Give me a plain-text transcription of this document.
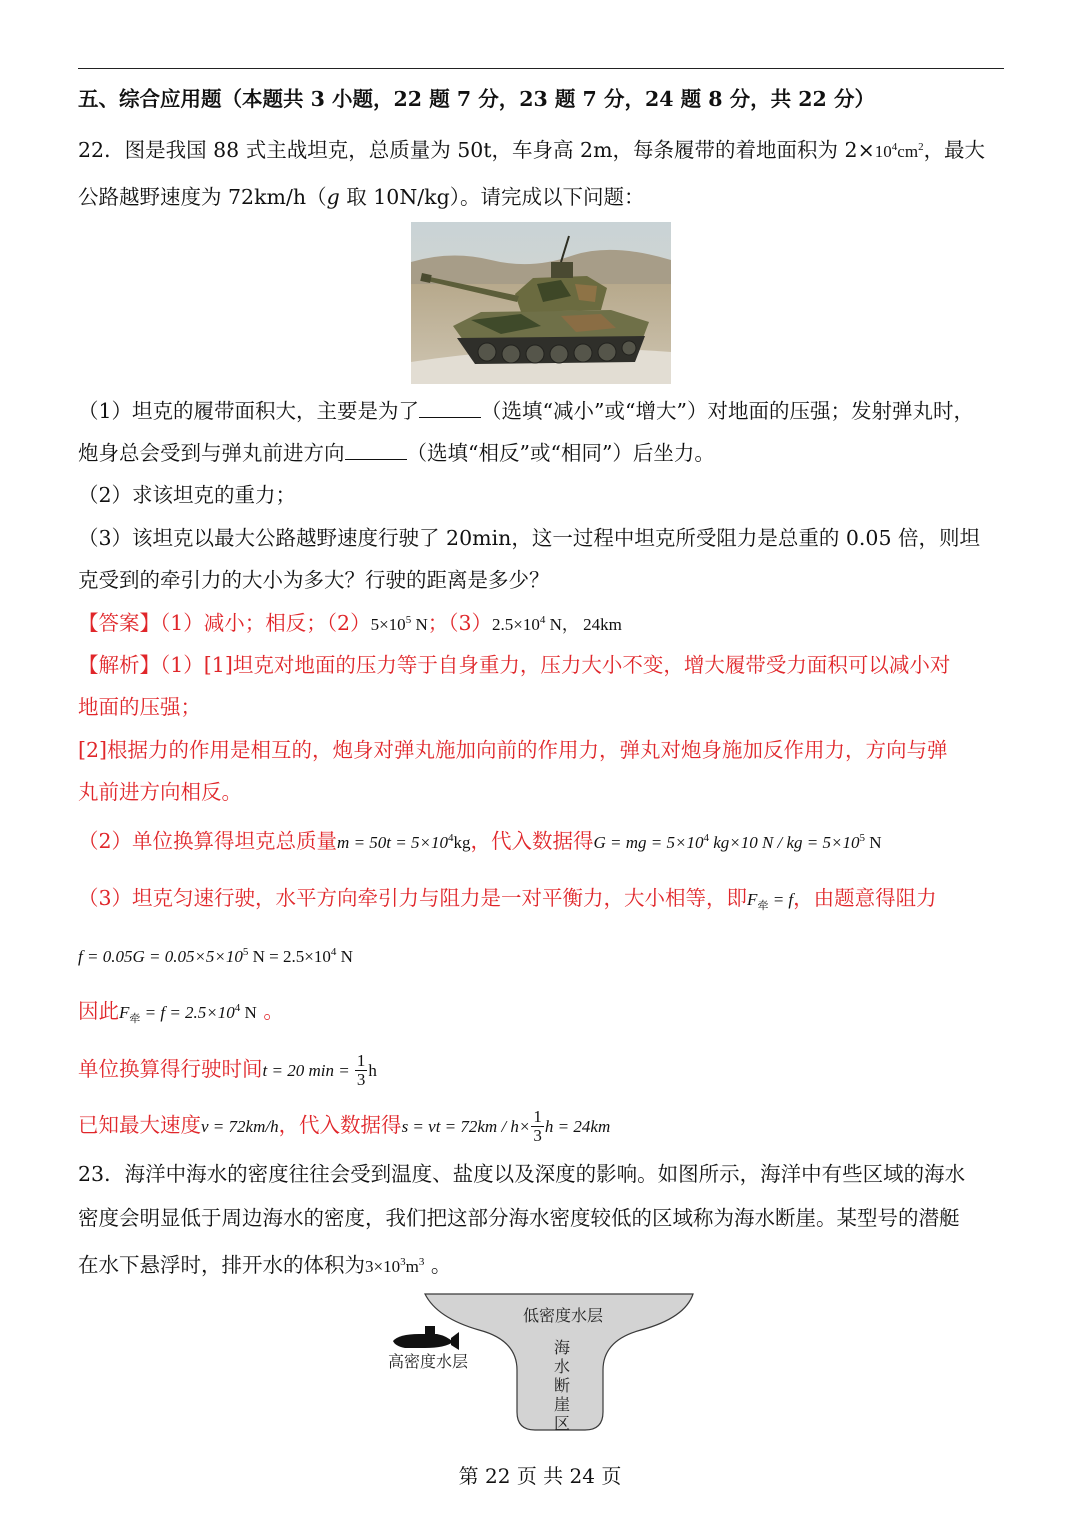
五、综合应用题（本题共 3 小题，22 题 7 分，23 题 7 分，24 题 8 分，共 22 分）
22．图是我国 88 式主战坦克，总质量为 50t，车身高 2m，每条履带的着地面积为 $2\times 10^4cm^2$，最大
公路越野速度为 72km/h（g 取 10N/kg）。请完成以下问题：
（1）坦克的履带面积大，主要是为了	（选填“减小”或“增大”）对地面的压强；发射弹丸时，
炮身总会受到与弹丸前进方向	（选填“相反”或“相同”）后坐力。
（2）求该坦克的重力；
（3）该坦克以最大公路越野速度行驶了 20min，这一过程中坦克所受阻力是总重的 0.05 倍，则坦
克受到的牵引力的大小为多大？行驶的距离是多少？
【答案】（1）减小；相反；$(2)5\times 10^5$ N；$(3)2.5\times 10^4$ N， 24km
【解析】（1）[1]坦克对地面的压力等于自身重力，压力大小不变，增大履带受力面积可以减小对
地面的压强；
[2]根据力的作用是相互的，炮身对弹丸施加向前的作用力，弹丸对炮身施加反作用力，方向与弹
丸前进方向相反。
（2）单位换算得坦克总质量$m = 50t = 5\times 10^4kg$，代入数据得G = mg = $5\times 10^4$ kg×10 N / kg = $5\times 10^5$ N
（3）坦克匀速行驶，水平方向牵引力与阻力是一对平衡力，大小相等，即$F_牵 = f$，由题意得阻力
$f = 0.05G = 0.05\times 5\times 10^5$ $N = 2.5\times 10^4$ N
因此$F_牵 = f = 2.5\times 10^4$ N 。
单位换算得行驶时间t = 20 $\min = \frac{1}{3}$ h
已知最大速度v = 72km/h，代入数据得s = vt = $72km / h\times \frac{1}{3}$ h = 24km
23．海洋中海水的密度往往会受到温度、盐度以及深度的影响。如图所示，海洋中有些区域的海水
密度会明显低于周边海水的密度，我们把这部分海水密度较低的区域称为海水断崖。某型号的潜艇
在水下悬浮时，排开水的体积为$3\times 10^3m^3$ 。
低密度水层
高密度水层
海
水
断
崖
区
第 22 页 共 24 页
